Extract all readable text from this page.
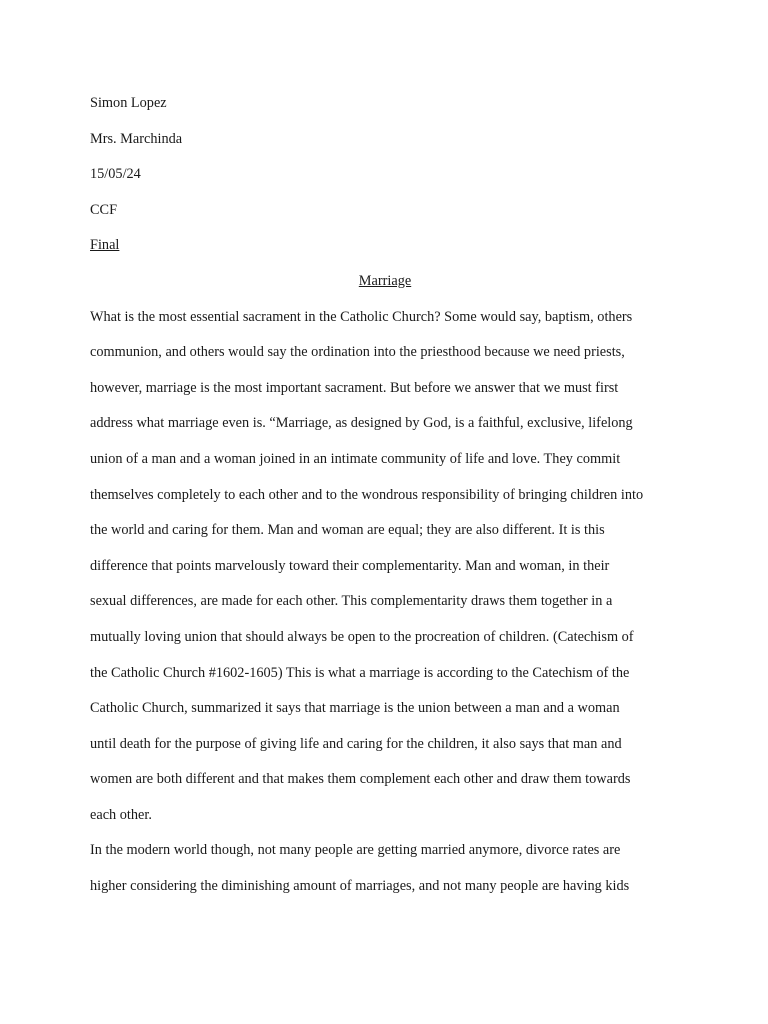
Simon Lopez
Mrs. Marchinda
15/05/24
CCF
Final
Marriage
What is the most essential sacrament in the Catholic Church? Some would say, baptism, others
communion, and others would say the ordination into the priesthood because we need priests,
however, marriage is the most important sacrament. But before we answer that we must first
address what marriage even is. “Marriage, as designed by God, is a faithful, exclusive, lifelong
union of a man and a woman joined in an intimate community of life and love. They commit
themselves completely to each other and to the wondrous responsibility of bringing children into
the world and caring for them. Man and woman are equal; they are also different. It is this
difference that points marvelously toward their complementarity. Man and woman, in their
sexual differences, are made for each other. This complementarity draws them together in a
mutually loving union that should always be open to the procreation of children. (Catechism of
the Catholic Church #1602-1605) This is what a marriage is according to the Catechism of the
Catholic Church, summarized it says that marriage is the union between a man and a woman
until death for the purpose of giving life and caring for the children, it also says that man and
women are both different and that makes them complement each other and draw them towards
each other.
In the modern world though, not many people are getting married anymore, divorce rates are
higher considering the diminishing amount of marriages, and not many people are having kids
